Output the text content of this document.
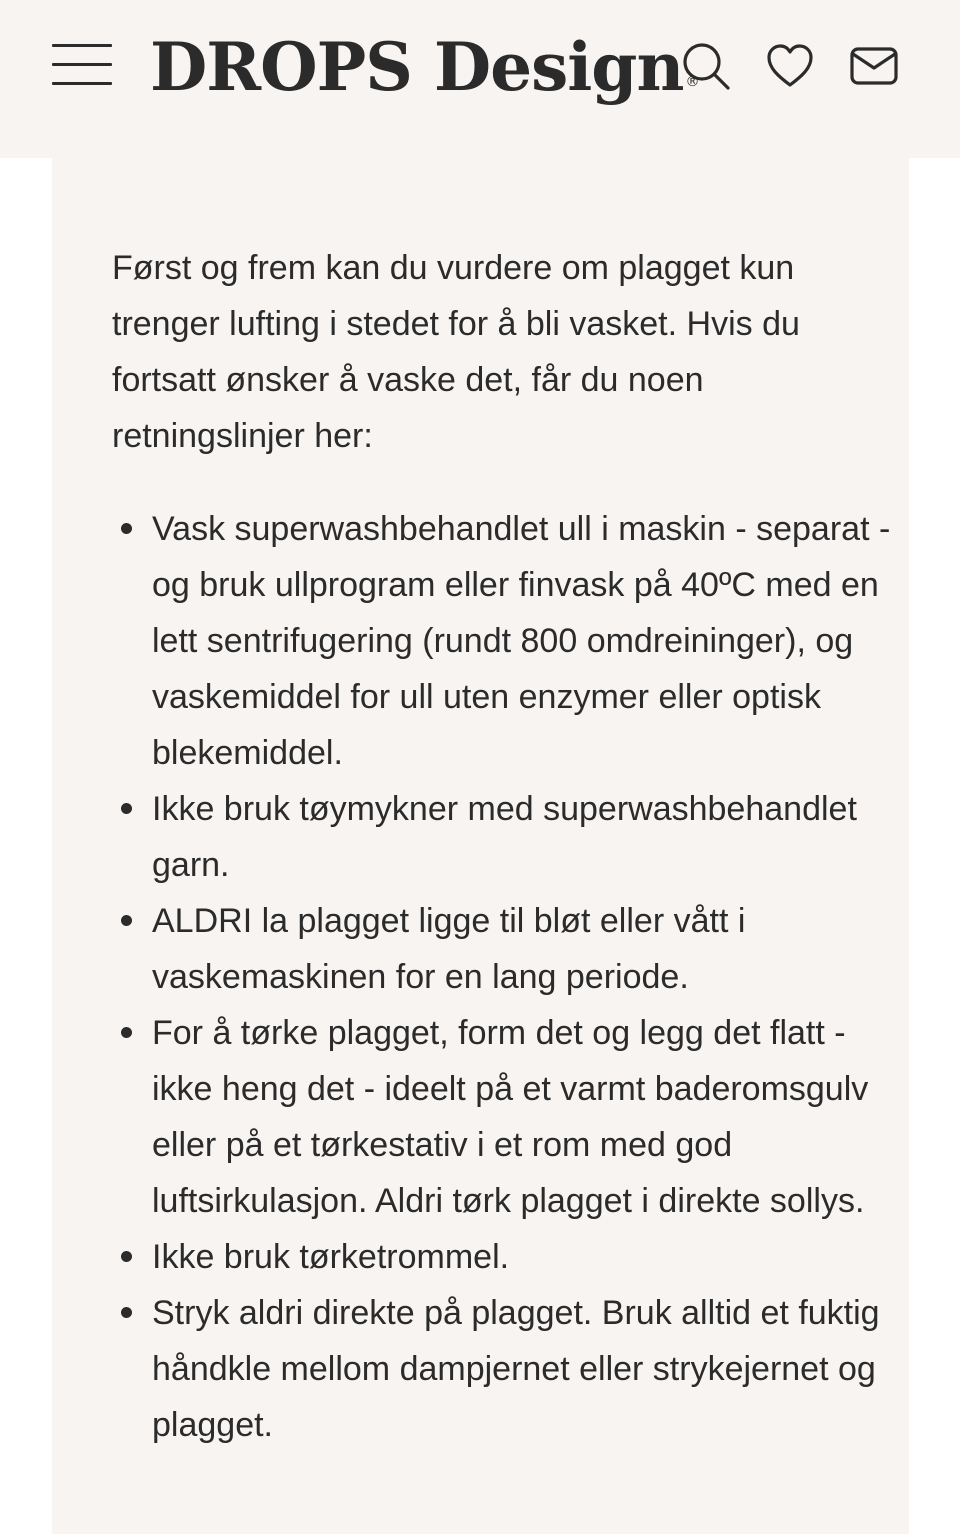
DROPS Design ®

Først og frem kan du vurdere om plagget kun trenger lufting i stedet for å bli vasket. Hvis du fortsatt ønsker å vaske det, får du noen retningslinjer her:

Vask superwashbehandlet ull i maskin - separat - og bruk ullprogram eller finvask på 40ºC med en lett sentrifugering (rundt 800 omdreininger), og vaskemiddel for ull uten enzymer eller optisk blekemiddel.
Ikke bruk tøymykner med superwashbehandlet garn.
ALDRI la plagget ligge til bløt eller vått i vaskemaskinen for en lang periode.
For å tørke plagget, form det og legg det flatt - ikke heng det - ideelt på et varmt baderomsgulv eller på et tørkestativ i et rom med god luftsirkulasjon. Aldri tørk plagget i direkte sollys.
Ikke bruk tørketrommel.
Stryk aldri direkte på plagget. Bruk alltid et fuktig håndkle mellom dampjernet eller strykejernet og plagget.
